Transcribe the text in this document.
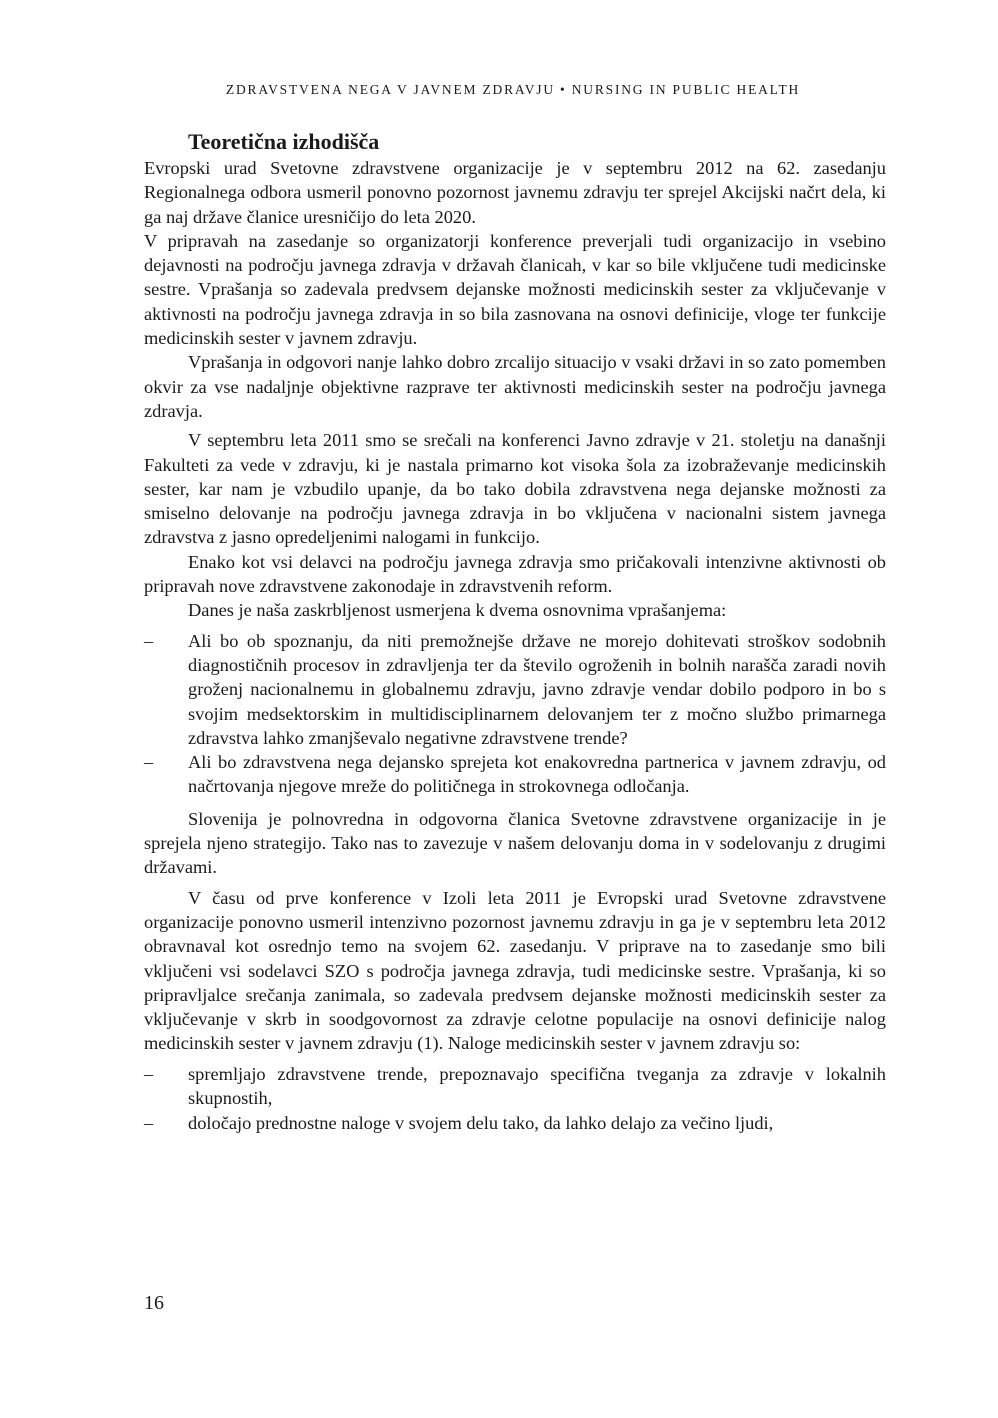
ZDRAVSTVENA NEGA V JAVNEM ZDRAVJU • NURSING IN PUBLIC HEALTH
Teoretična izhodišča

Evropski urad Svetovne zdravstvene organizacije je v septembru 2012 na 62. zasedanju Regionalnega odbora usmeril ponovno pozornost javnemu zdravju ter sprejel Akcijski načrt dela, ki ga naj države članice uresničijo do leta 2020.

V pripravah na zasedanje so organizatorji konference preverjali tudi organizacijo in vsebino dejavnosti na področju javnega zdravja v državah članicah, v kar so bile vključene tudi medicinske sestre. Vprašanja so zadevala predvsem dejanske možnosti medicinskih sester za vključevanje v aktivnosti na področju javnega zdravja in so bila zasnovana na osnovi definicije, vloge ter funkcije medicinskih sester v javnem zdravju.

Vprašanja in odgovori nanje lahko dobro zrcalijo situacijo v vsaki državi in so zato pomemben okvir za vse nadaljnje objektivne razprave ter aktivnosti medicinskih sester na področju javnega zdravja.

V septembru leta 2011 smo se srečali na konferenci Javno zdravje v 21. stoletju na današnji Fakulteti za vede v zdravju, ki je nastala primarno kot visoka šola za izobraževanje medicinskih sester, kar nam je vzbudilo upanje, da bo tako dobila zdravstvena nega dejanske možnosti za smiselno delovanje na področju javnega zdravja in bo vključena v nacionalni sistem javnega zdravstva z jasno opredeljenimi nalogami in funkcijo.

Enako kot vsi delavci na področju javnega zdravja smo pričakovali intenzivne aktivnosti ob pripravah nove zdravstvene zakonodaje in zdravstvenih reform.

Danes je naša zaskrbljenost usmerjena k dvema osnovnima vprašanjema:

– Ali bo ob spoznanju, da niti premožnejše države ne morejo dohitevati stroškov sodobnih diagnostičnih procesov in zdravljenja ter da število ogroženih in bolnih narašča zaradi novih groženj nacionalnemu in globalnemu zdravju, javno zdravje vendar dobilo podporo in bo s svojim medsektorskim in multidisciplinarnem delovanjem ter z močno službo primarnega zdravstva lahko zmanjševalo negativne zdravstvene trende?
– Ali bo zdravstvena nega dejansko sprejeta kot enakovredna partnerica v javnem zdravju, od načrtovanja njegove mreže do političnega in strokovnega odločanja.

Slovenija je polnovredna in odgovorna članica Svetovne zdravstvene organizacije in je sprejela njeno strategijo. Tako nas to zavezuje v našem delovanju doma in v sodelovanju z drugimi državami.

V času od prve konference v Izoli leta 2011 je Evropski urad Svetovne zdravstvene organizacije ponovno usmeril intenzivno pozornost javnemu zdravju in ga je v septembru leta 2012 obravnaval kot osrednjo temo na svojem 62. zasedanju. V pripravе na to zasedanje smo bili vključeni vsi sodelavci SZO s področja javnega zdravja, tudi medicinske sestre. Vprašanja, ki so pripravljalce srečanja zanimala, so zadevala predvsem dejanske možnosti medicinskih sester za vključevanje v skrb in soodgovornost za zdravje celotne populacije na osnovi definicije nalog medicinskih sester v javnem zdravju (1). Naloge medicinskih sester v javnem zdravju so:

– spremljajo zdravstvene trende, prepoznavajo specifična tveganja za zdravje v lokalnih skupnostih,
– določajo prednostne naloge v svojem delu tako, da lahko delajo za večino ljudi,
16
